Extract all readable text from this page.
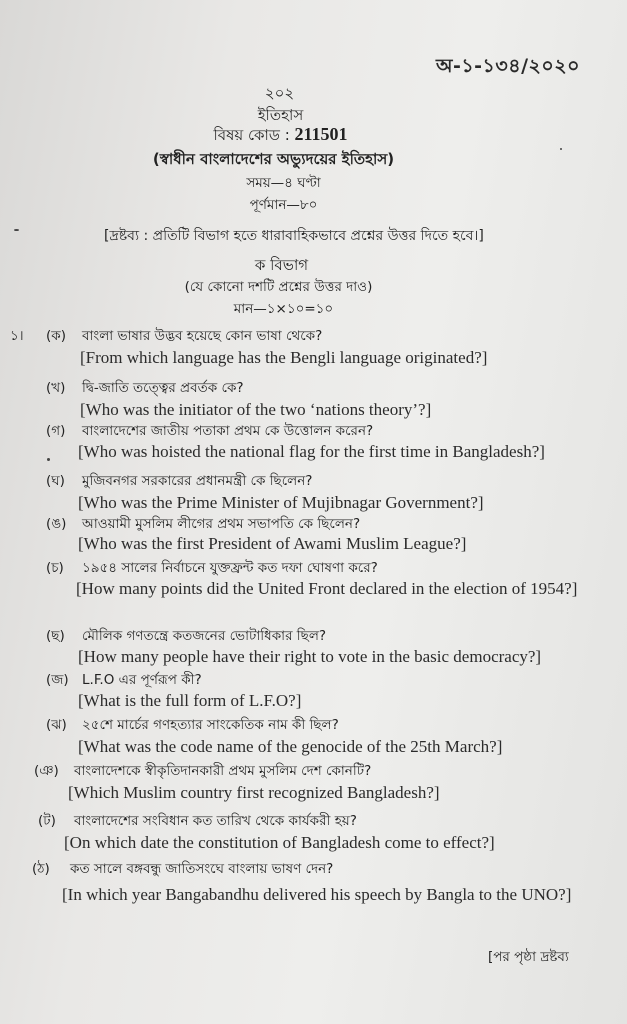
অ-১-১৩৪/২০২০
২০২
ইতিহাস
বিষয় কোড : 211501
(স্বাধীন বাংলাদেশের অভ্যুদয়ের ইতিহাস)
সময়—৪ ঘণ্টা
পূর্ণমান—৮০
[দ্রষ্টব্য : প্রতিটি বিভাগ হতে ধারাবাহিকভাবে প্রশ্নের উত্তর দিতে হবে।]
ক বিভাগ
(যে কোনো দশটি প্রশ্নের উত্তর দাও)
মান—১×১০=১০
১। (ক) বাংলা ভাষার উদ্ভব হয়েছে কোন ভাষা থেকে?
[From which language has the Bengli language originated?]
(খ) দ্বি-জাতি তত্ত্বের প্রবর্তক কে?
[Who was the initiator of the two ‘nations theory’?]
(গ) বাংলাদেশের জাতীয় পতাকা প্রথম কে উত্তোলন করেন?
[Who was hoisted the national flag for the first time in Bangladesh?]
(ঘ) মুজিবনগর সরকারের প্রধানমন্ত্রী কে ছিলেন?
[Who was the Prime Minister of Mujibnagar Government?]
(ঙ) আওয়ামী মুসলিম লীগের প্রথম সভাপতি কে ছিলেন?
[Who was the first President of Awami Muslim League?]
(চ) ১৯৫৪ সালের নির্বাচনে যুক্তফ্রন্ট কত দফা ঘোষণা করে?
[How many points did the United Front declared in the election of 1954?]
(ছ) মৌলিক গণতন্ত্রে কতজনের ভোটাধিকার ছিল?
[How many people have their right to vote in the basic democracy?]
(জ) L.F.O এর পূর্ণরূপ কী?
[What is the full form of L.F.O?]
(ঝ) ২৫শে মার্চের গণহত্যার সাংকেতিক নাম কী ছিল?
[What was the code name of the genocide of the 25th March?]
(ঞ) বাংলাদেশকে স্বীকৃতিদানকারী প্রথম মুসলিম দেশ কোনটি?
[Which Muslim country first recognized Bangladesh?]
(ট) বাংলাদেশের সংবিধান কত তারিখ থেকে কার্যকরী হয়?
[On which date the constitution of Bangladesh come to effect?]
(ঠ) কত সালে বঙ্গবন্ধু জাতিসংঘে বাংলায় ভাষণ দেন?
[In which year Bangabandhu delivered his speech by Bangla to the UNO?]
[পর পৃষ্ঠা দ্রষ্টব্য
